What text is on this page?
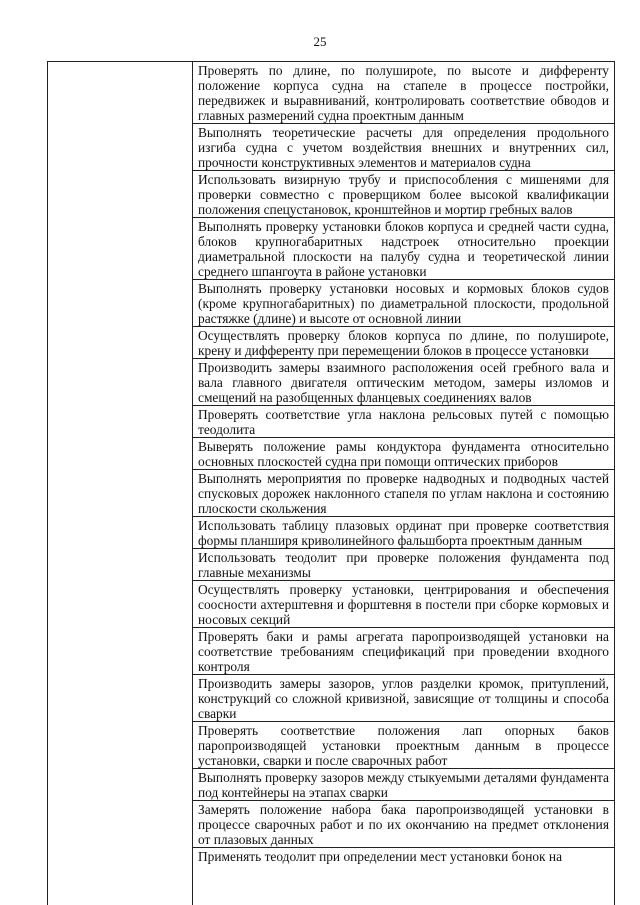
25
Проверять по длине, по полуширote, по высоте и дифференту положение корпуса судна на стапеле в процессе постройки, передвижек и выравниваний, контролировать соответствие обводов и главных размерений судна проектным данным
Выполнять теоретические расчеты для определения продольного изгиба судна с учетом воздействия внешних и внутренних сил, прочности конструктивных элементов и материалов судна
Использовать визирную трубу и приспособления с мишенями для проверки совместно с проверщиком более высокой квалификации положения спецустановок, кронштейнов и мортир гребных валов
Выполнять проверку установки блоков корпуса и средней части судна, блоков крупногабаритных надстроек относительно проекции диаметральной плоскости на палубу судна и теоретической линии среднего шпангоута в районе установки
Выполнять проверку установки носовых и кормовых блоков судов (кроме крупногабаритных) по диаметральной плоскости, продольной растяжке (длине) и высоте от основной линии
Осуществлять проверку блоков корпуса по длине, по полуширote, крену и дифференту при перемещении блоков в процессе установки
Производить замеры взаимного расположения осей гребного вала и вала главного двигателя оптическим методом, замеры изломов и смещений на разобщенных фланцевых соединениях валов
Проверять соответствие угла наклона рельсовых путей с помощью теодолита
Выверять положение рамы кондуктора фундамента относительно основных плоскостей судна при помощи оптических приборов
Выполнять мероприятия по проверке надводных и подводных частей спусковых дорожек наклонного стапеля по углам наклона и состоянию плоскости скольжения
Использовать таблицу плазовых ординат при проверке соответствия формы планширя криволинейного фальшборта проектным данным
Использовать теодолит при проверке положения фундамента под главные механизмы
Осуществлять проверку установки, центрирования и обеспечения соосности ахтерштевня и форштевня в постели при сборке кормовых и носовых секций
Проверять баки и рамы агрегата паропроизводящей установки на соответствие требованиям спецификаций при проведении входного контроля
Производить замеры зазоров, углов разделки кромок, притуплений, конструкций со сложной кривизной, зависящие от толщины и способа сварки
Проверять соответствие положения лап опорных баков паропроизводящей установки проектным данным в процессе установки, сварки и после сварочных работ
Выполнять проверку зазоров между стыкуемыми деталями фундамента под контейнеры на этапах сварки
Замерять положение набора бака паропроизводящей установки в процессе сварочных работ и по их окончанию на предмет отклонения от плазовых данных
Применять теодолит при определении мест установки бонок на
